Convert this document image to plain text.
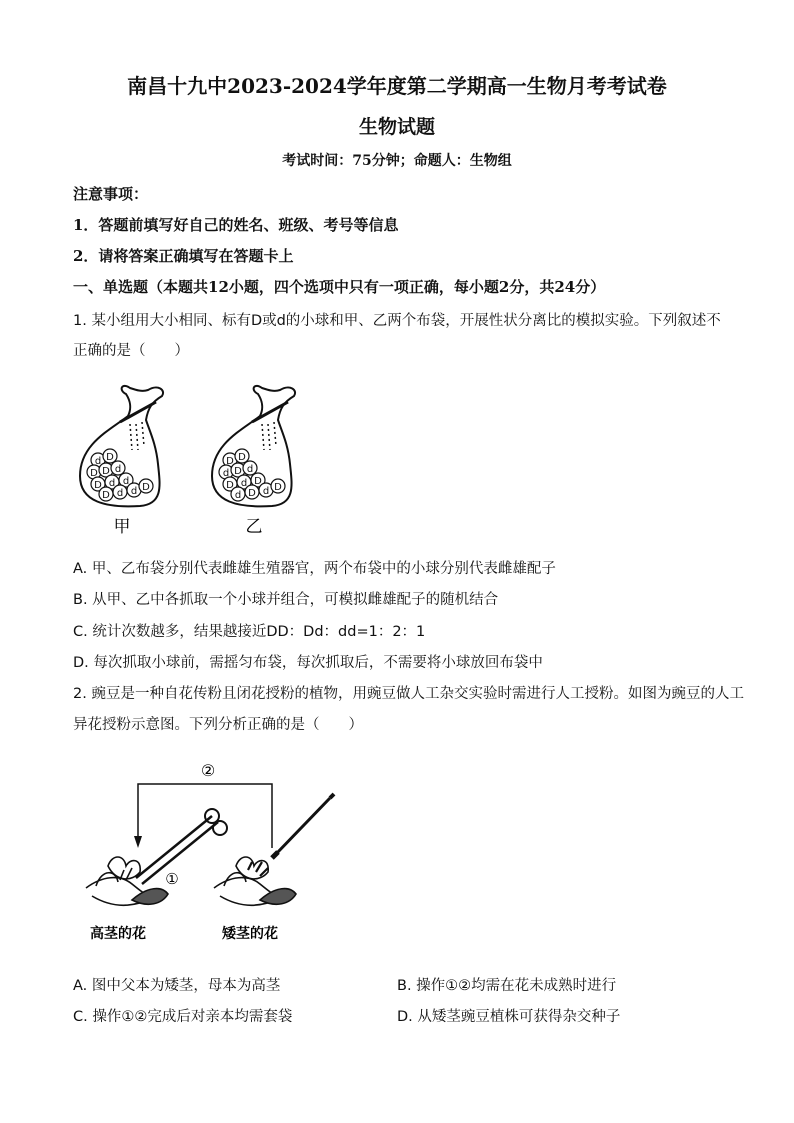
南昌十九中2023-2024学年度第二学期高一生物月考考试卷
生物试题
考试时间：75分钟；命题人：生物组
注意事项：
1．答题前填写好自己的姓名、班级、考号等信息
2．请将答案正确填写在答题卡上
一、单选题（本题共12小题，四个选项中只有一项正确，每小题2分，共24分）
1. 某小组用大小相同、标有D或d的小球和甲、乙两个布袋，开展性状分离比的模拟实验。下列叙述不
正确的是（　　）
d D
D D d
D d d
D d d D
甲
D D
d D d
D d D
d D d D
乙
A. 甲、乙布袋分别代表雌雄生殖器官，两个布袋中的小球分别代表雌雄配子
B. 从甲、乙中各抓取一个小球并组合，可模拟雌雄配子的随机结合
C. 统计次数越多，结果越接近DD：Dd：dd=1：2：1
D. 每次抓取小球前，需摇匀布袋，每次抓取后，不需要将小球放回布袋中
2. 豌豆是一种自花传粉且闭花授粉的植物，用豌豆做人工杂交实验时需进行人工授粉。如图为豌豆的人工
异花授粉示意图。下列分析正确的是（　　）
②
①
高茎的花	矮茎的花
A. 图中父本为矮茎，母本为高茎	B. 操作①②均需在花未成熟时进行
C. 操作①②完成后对亲本均需套袋	D. 从矮茎豌豆植株可获得杂交种子
